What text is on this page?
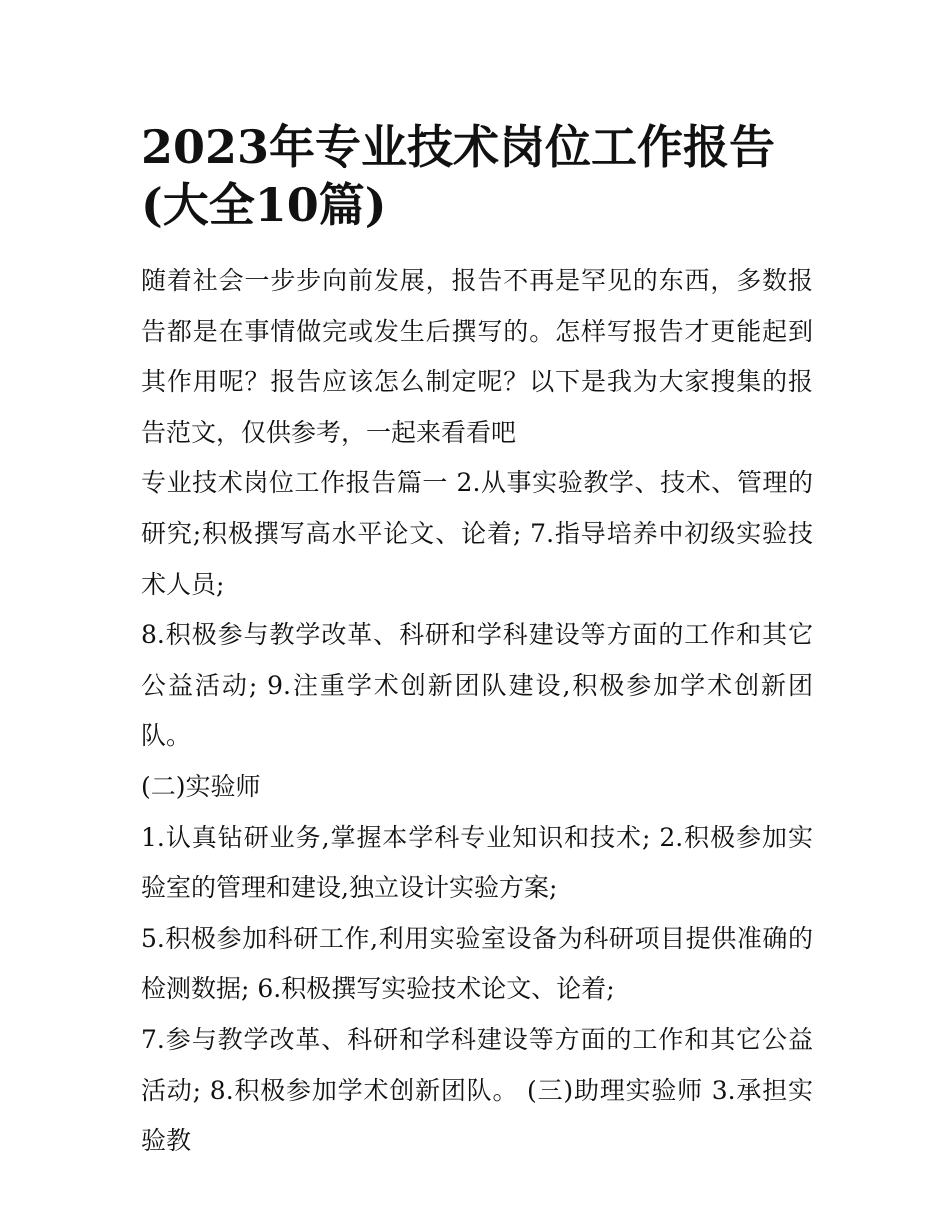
2023年专业技术岗位工作报告(大全10篇)

随着社会一步步向前发展，报告不再是罕见的东西，多数报告都是在事情做完或发生后撰写的。怎样写报告才更能起到其作用呢？报告应该怎么制定呢？以下是我为大家搜集的报告范文，仅供参考，一起来看看吧

专业技术岗位工作报告篇一 2.从事实验教学、技术、管理的研究;积极撰写高水平论文、论着; 7.指导培养中初级实验技术人员;

8.积极参与教学改革、科研和学科建设等方面的工作和其它公益活动; 9.注重学术创新团队建设,积极参加学术创新团队。

(二)实验师

1.认真钻研业务,掌握本学科专业知识和技术; 2.积极参加实验室的管理和建设,独立设计实验方案;

5.积极参加科研工作,利用实验室设备为科研项目提供准确的检测数据; 6.积极撰写实验技术论文、论着;

7.参与教学改革、科研和学科建设等方面的工作和其它公益活动; 8.积极参加学术创新团队。 (三)助理实验师 3.承担实验教
